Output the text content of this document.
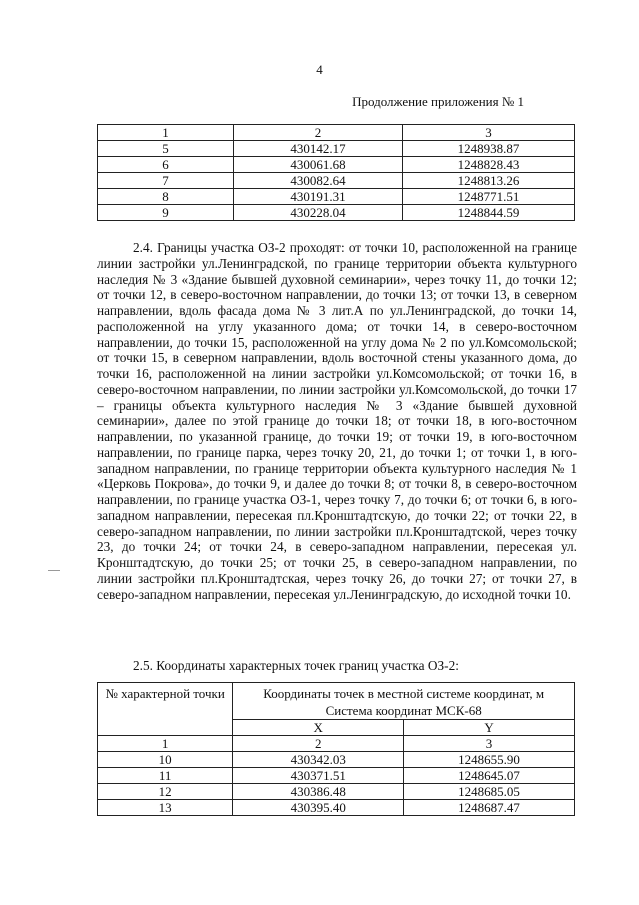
4
Продолжение приложения № 1
1	2	3
5	430142.17	1248938.87
6	430061.68	1248828.43
7	430082.64	1248813.26
8	430191.31	1248771.51
9	430228.04	1248844.59

2.4. Границы участка ОЗ-2 проходят: от точки 10, расположенной на границе линии застройки ул.Ленинградской, по границе территории объекта культурного наследия № 3 «Здание бывшей духовной семинарии», через точку 11, до точки 12; от точки 12, в северо-восточном направлении, до точки 13; от точки 13, в северном направлении, вдоль фасада дома № 3 лит.А по ул.Ленинградской, до точки 14, расположенной на углу указанного дома; от точки 14, в северо-восточном направлении, до точки 15, расположенной на углу дома № 2 по ул.Комсомольской; от точки 15, в северном направлении, вдоль восточной стены указанного дома, до точки 16, расположенной на линии застройки ул.Комсомольской; от точки 16, в северо-восточном направлении, по линии застройки ул.Комсомольской, до точки 17 – границы объекта культурного наследия № 3 «Здание бывшей духовной семинарии», далее по этой границе до точки 18; от точки 18, в юго-восточном направлении, по указанной границе, до точки 19; от точки 19, в юго-восточном направлении, по границе парка, через точку 20, 21, до точки 1; от точки 1, в юго-западном направлении, по границе территории объекта культурного наследия № 1 «Церковь Покрова», до точки 9, и далее до точки 8; от точки 8, в северо-восточном направлении, по границе участка ОЗ-1, через точку 7, до точки 6; от точки 6, в юго-западном направлении, пересекая пл.Кронштадтскую, до точки 22; от точки 22, в северо-западном направлении, по линии застройки пл.Кронштадтской, через точку 23, до точки 24; от точки 24, в северо-западном направлении, пересекая ул. Кронштадтскую, до точки 25; от точки 25, в северо-западном направлении, по линии застройки пл.Кронштадтская, через точку 26, до точки 27; от точки 27, в северо-западном направлении, пересекая ул.Ленинградскую, до исходной точки 10.

2.5. Координаты характерных точек границ участка ОЗ-2:

№ характерной точки	Координаты точек в местной системе координат, м
Система координат МСК-68	

	X	Y
1	2	3
10	430342.03	1248655.90
11	430371.51	1248645.07
12	430386.48	1248685.05
13	430395.40	1248687.47
